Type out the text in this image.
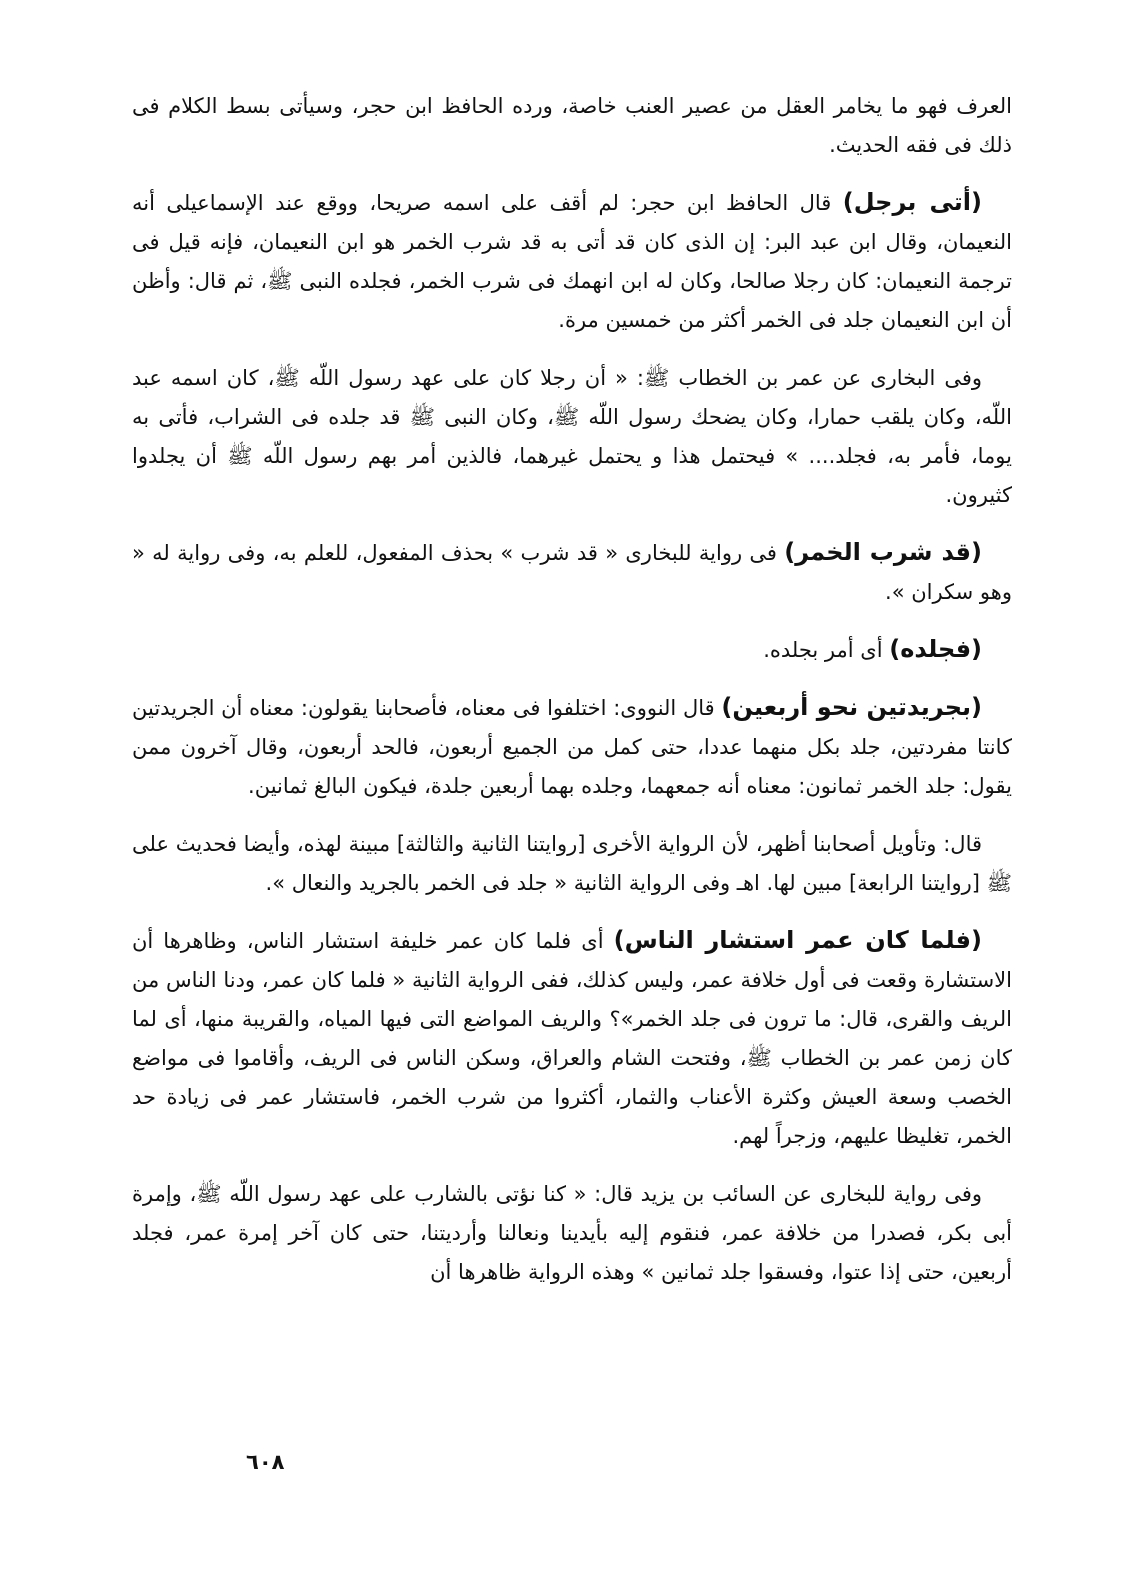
العرف فهو ما يخامر العقل من عصير العنب خاصة، ورده الحافظ ابن حجر، وسيأتى بسط الكلام فى ذلك فى فقه الحديث.

(أتى برجل) قال الحافظ ابن حجر: لم أقف على اسمه صريحا، ووقع عند الإسماعيلى أنه النعيمان، وقال ابن عبد البر: إن الذى كان قد أتى به قد شرب الخمر هو ابن النعيمان، فإنه قيل فى ترجمة النعيمان: كان رجلا صالحا، وكان له ابن انهمك فى شرب الخمر، فجلده النبى ﷺ، ثم قال: وأظن أن ابن النعيمان جلد فى الخمر أكثر من خمسين مرة.

وفى البخارى عن عمر بن الخطاب ﷺ: « أن رجلا كان على عهد رسول اللّه ﷺ، كان اسمه عبد اللّه، وكان يلقب حمارا، وكان يضحك رسول اللّه ﷺ، وكان النبى ﷺ قد جلده فى الشراب، فأتى به يوما، فأمر به، فجلد.... » فيحتمل هذا و يحتمل غيرهما، فالذين أمر بهم رسول اللّه ﷺ أن يجلدوا كثيرون.

(قد شرب الخمر) فى رواية للبخارى « قد شرب » بحذف المفعول، للعلم به، وفى رواية له « وهو سكران ».

(فجلده) أى أمر بجلده.

(بجريدتين نحو أربعين) قال النووى: اختلفوا فى معناه، فأصحابنا يقولون: معناه أن الجريدتين كانتا مفردتين، جلد بكل منهما عددا، حتى كمل من الجميع أربعون، فالحد أربعون، وقال آخرون ممن يقول: جلد الخمر ثمانون: معناه أنه جمعهما، وجلده بهما أربعين جلدة، فيكون البالغ ثمانين.

قال: وتأويل أصحابنا أظهر، لأن الرواية الأخرى [روايتنا الثانية والثالثة] مبينة لهذه، وأيضا فحديث على ﷺ [روايتنا الرابعة] مبين لها. اهـ وفى الرواية الثانية « جلد فى الخمر بالجريد والنعال ».

(فلما كان عمر استشار الناس) أى فلما كان عمر خليفة استشار الناس، وظاهرها أن الاستشارة وقعت فى أول خلافة عمر، وليس كذلك، ففى الرواية الثانية « فلما كان عمر، ودنا الناس من الريف والقرى، قال: ما ترون فى جلد الخمر»؟ والريف المواضع التى فيها المياه، والقريبة منها، أى لما كان زمن عمر بن الخطاب ﷺ، وفتحت الشام والعراق، وسكن الناس فى الريف، وأقاموا فى مواضع الخصب وسعة العيش وكثرة الأعناب والثمار، أكثروا من شرب الخمر، فاستشار عمر فى زيادة حد الخمر، تغليظا عليهم، وزجراً لهم.

وفى رواية للبخارى عن السائب بن يزيد قال: « كنا نؤتى بالشارب على عهد رسول اللّه ﷺ، وإمرة أبى بكر، فصدرا من خلافة عمر، فنقوم إليه بأيدينا ونعالنا وأرديتنا، حتى كان آخر إمرة عمر، فجلد أربعين، حتى إذا عتوا، وفسقوا جلد ثمانين » وهذه الرواية ظاهرها أن

٦٠٨
